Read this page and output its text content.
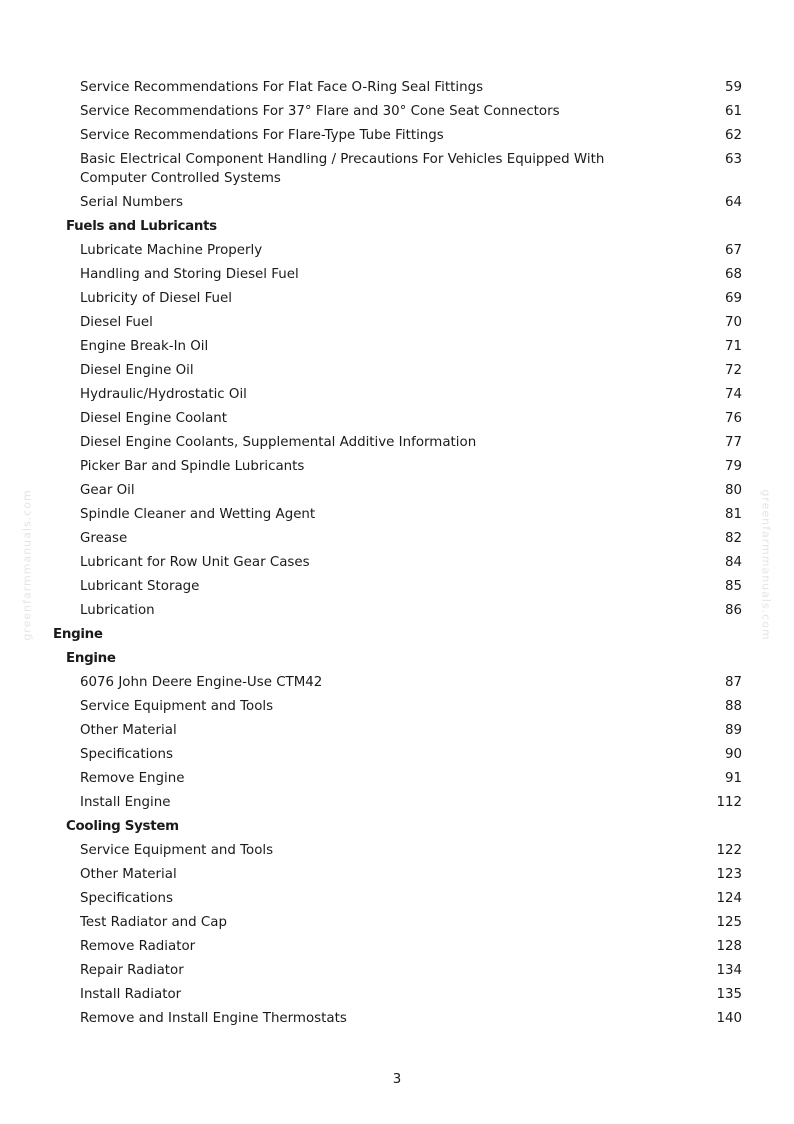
greenfarmmanuals.com	greenfarmmanuals.com
Service Recommendations For Flat Face O-Ring Seal Fittings	59
Service Recommendations For 37° Flare and 30° Cone Seat Connectors	61
Service Recommendations For Flare-Type Tube Fittings	62
Basic Electrical Component Handling / Precautions For Vehicles Equipped With Computer Controlled Systems
63
Serial Numbers	64
Fuels and Lubricants
Lubricate Machine Properly	67
Handling and Storing Diesel Fuel	68
Lubricity of Diesel Fuel	69
Diesel Fuel	70
Engine Break-In Oil	71
Diesel Engine Oil	72
Hydraulic/Hydrostatic Oil	74
Diesel Engine Coolant	76
Diesel Engine Coolants, Supplemental Additive Information	77
Picker Bar and Spindle Lubricants	79
Gear Oil	80
Spindle Cleaner and Wetting Agent	81
Grease	82
Lubricant for Row Unit Gear Cases	84
Lubricant Storage	85
Lubrication	86
Engine
Engine
6076 John Deere Engine-Use CTM42	87
Service Equipment and Tools	88
Other Material	89
Specifications	90
Remove Engine	91
Install Engine	112
Cooling System
Service Equipment and Tools	122
Other Material	123
Specifications	124
Test Radiator and Cap	125
Remove Radiator	128
Repair Radiator	134
Install Radiator	135
Remove and Install Engine Thermostats	140
3
